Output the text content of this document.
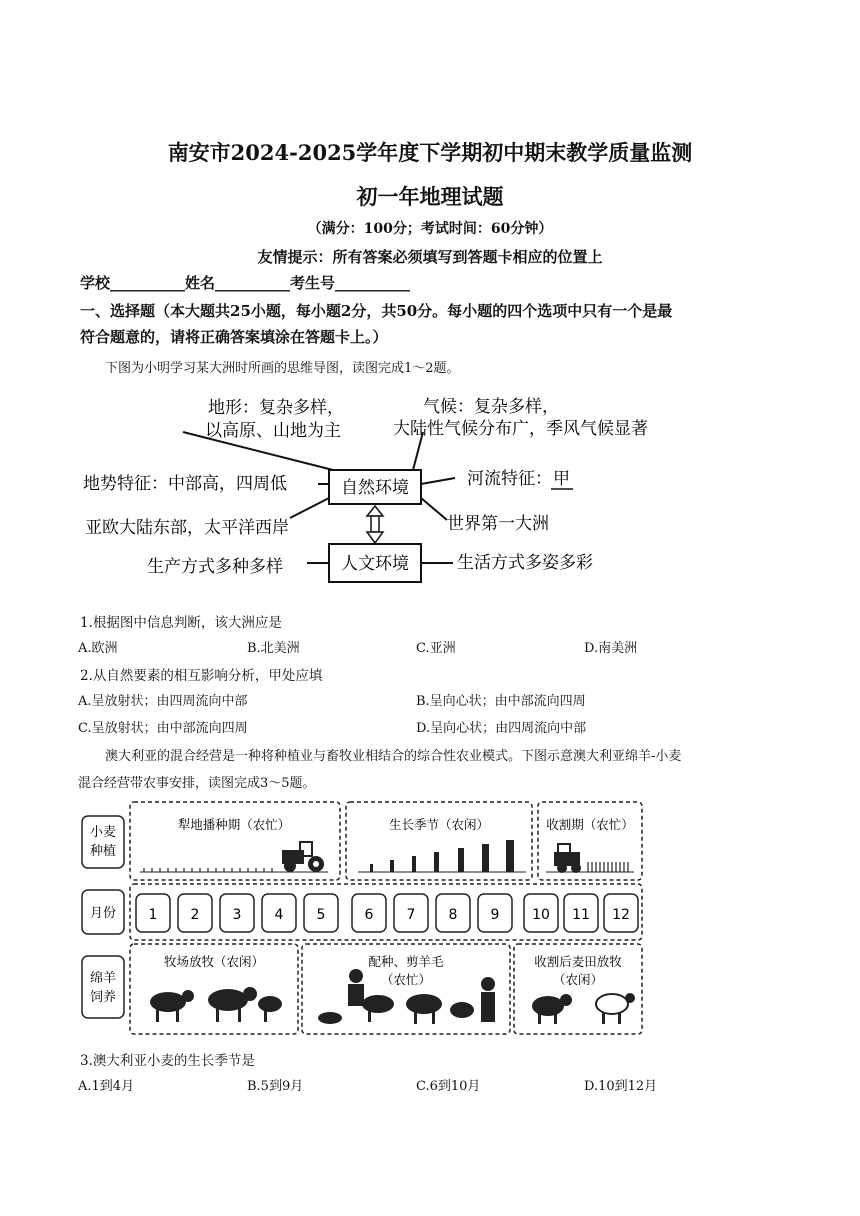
南安市2024-2025学年度下学期初中期末教学质量监测
初一年地理试题
（满分：100分；考试时间：60分钟）
友情提示：所有答案必须填写到答题卡相应的位置上
学校__________姓名__________考生号__________
一、选择题（本大题共25小题，每小题2分，共50分。每小题的四个选项中只有一个是最
符合题意的，请将正确答案填涂在答题卡上。）
下图为小明学习某大洲时所画的思维导图，读图完成1～2题。
自然环境
人文环境
地形：复杂多样，
以高原、山地为主
气候：复杂多样，
大陆性气候分布广，季风气候显著
地势特征：中部高，四周低	河流特征： 甲
亚欧大陆东部，太平洋西岸	世界第一大洲
生产方式多种多样	生活方式多姿多彩
1.根据图中信息判断，该大洲应是
A.欧洲	B.北美洲	C.亚洲	D.南美洲
2.从自然要素的相互影响分析，甲处应填
A.呈放射状；由四周流向中部	B.呈向心状；由中部流向四周
C.呈放射状；由中部流向四周	D.呈向心状；由四周流向中部
澳大利亚的混合经营是一种将种植业与畜牧业相结合的综合性农业模式。下图示意澳大利亚绵羊-小麦
混合经营带农事安排，读图完成3～5题。
小麦
种植
月份
绵羊
饲养
犁地播种期（农忙）	生长季节（农闲）	收割期（农忙）
1 2 3 4 5	6 7 8 9 10 11 12
牧场放牧（农闲）	配种、剪羊毛
（农忙）
收割后麦田放牧
（农闲）
3.澳大利亚小麦的生长季节是
A.1到4月	B.5到9月	C.6到10月	D.10到12月
